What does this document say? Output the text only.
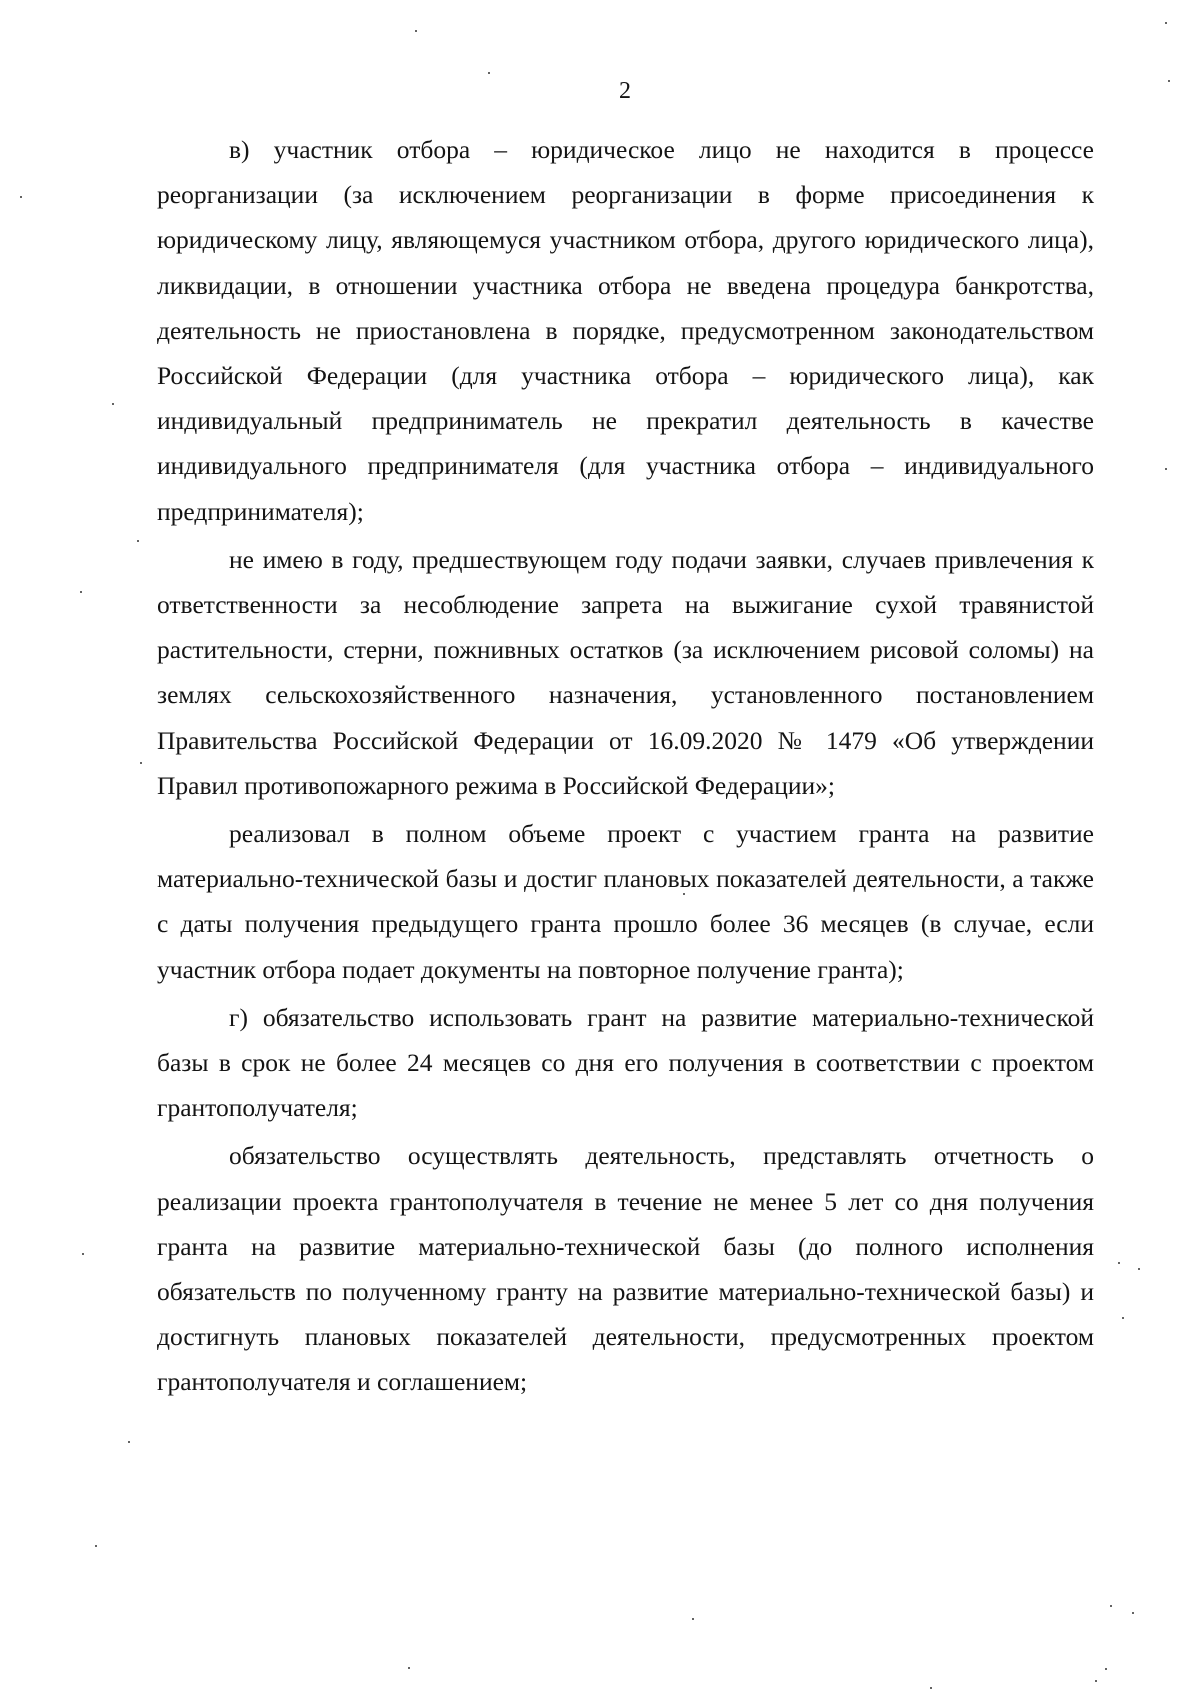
2

в) участник отбора – юридическое лицо не находится в процессе реорганизации (за исключением реорганизации в форме присоединения к юридическому лицу, являющемуся участником отбора, другого юридического лица), ликвидации, в отношении участника отбора не введена процедура банкротства, деятельность не приостановлена в порядке, предусмотренном законодательством Российской Федерации (для участника отбора – юридического лица), как индивидуальный предприниматель не прекратил деятельность в качестве индивидуального предпринимателя (для участника отбора – индивидуального предпринимателя);

не имею в году, предшествующем году подачи заявки, случаев привлечения к ответственности за несоблюдение запрета на выжигание сухой травянистой растительности, стерни, пожнивных остатков (за исключением рисовой соломы) на землях сельскохозяйственного назначения, установленного постановлением Правительства Российской Федерации от 16.09.2020 № 1479 «Об утверждении Правил противопожарного режима в Российской Федерации»;

реализовал в полном объеме проект с участием гранта на развитие материально-технической базы и достиг плановых показателей деятельности, а также с даты получения предыдущего гранта прошло более 36 месяцев (в случае, если участник отбора подает документы на повторное получение гранта);

г) обязательство использовать грант на развитие материально-технической базы в срок не более 24 месяцев со дня его получения в соответствии с проектом грантополучателя;

обязательство осуществлять деятельность, представлять отчетность о реализации проекта грантополучателя в течение не менее 5 лет со дня получения гранта на развитие материально-технической базы (до полного исполнения обязательств по полученному гранту на развитие материально-технической базы) и достигнуть плановых показателей деятельности, предусмотренных проектом грантополучателя и соглашением;
